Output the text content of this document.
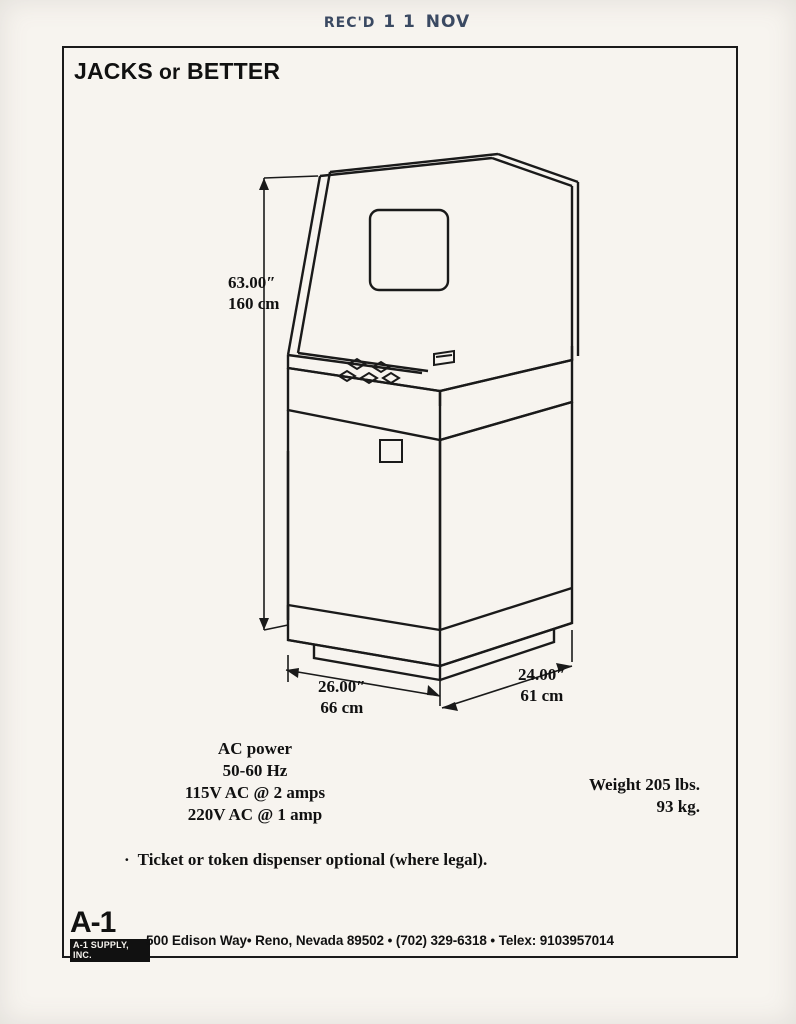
REC'D 1 1 NOV
JACKS or BETTER
63.00″
160 cm
26.00″
66 cm
24.00″
61 cm
AC power
50-60 Hz
115V AC @ 2 amps
220V AC @ 1 amp
Weight 205 lbs.
93 kg.
· Ticket or token dispenser optional (where legal).
A-1
A-1 SUPPLY, INC.
500 Edison Way• Reno, Nevada 89502 • (702) 329-6318 • Telex: 9103957014
